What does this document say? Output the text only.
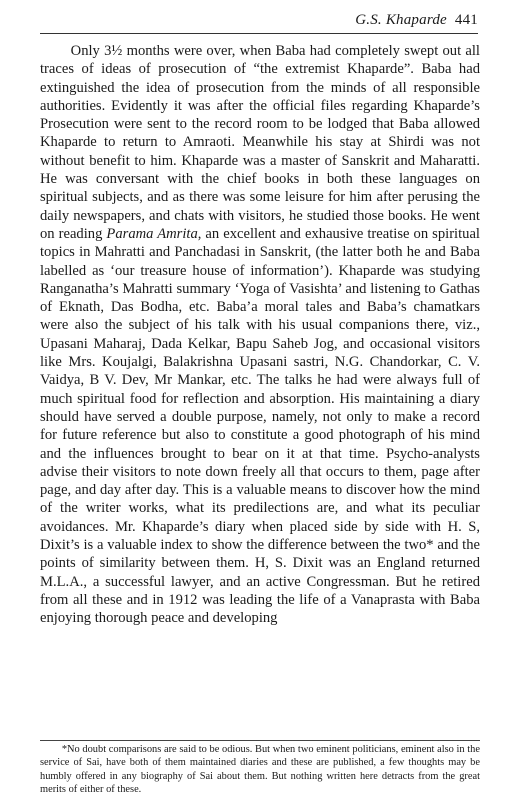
G.S. Khaparde 441

Only 3½ months were over, when Baba had completely swept out all traces of ideas of prosecution of “the extremist Khaparde”. Baba had extinguished the idea of prosecution from the minds of all responsible authorities. Evidently it was after the official files regarding Khaparde’s Prosecution were sent to the record room to be lodged that Baba allowed Khaparde to return to Amraoti. Meanwhile his stay at Shirdi was not without benefit to him. Khaparde was a master of Sanskrit and Maharatti. He was conversant with the chief books in both these languages on spiritual subjects, and as there was some leisure for him after perusing the daily newspapers, and chats with visitors, he studied those books. He went on reading Parama Amrita, an excellent and exhausive treatise on spiritual topics in Mahratti and Panchadasi in Sanskrit, (the latter both he and Baba labelled as ‘our treasure house of information’). Khaparde was studying Ranganatha’s Mahratti summary ‘Yoga of Vasishta’ and listening to Gathas of Eknath, Das Bodha, etc. Baba’a moral tales and Baba’s chamatkars were also the subject of his talk with his usual companions there, viz., Upasani Maharaj, Dada Kelkar, Bapu Saheb Jog, and occasional visitors like Mrs. Koujalgi, Balakrishna Upasani sastri, N.G. Chandorkar, C. V. Vaidya, B V. Dev, Mr Mankar, etc. The talks he had were always full of much spiritual food for reflection and absorption. His maintaining a diary should have served a double purpose, namely, not only to make a record for future reference but also to constitute a good photograph of his mind and the influences brought to bear on it at that time. Psycho-analysts advise their visitors to note down freely all that occurs to them, page after page, and day after day. This is a valuable means to discover how the mind of the writer works, what its predilections are, and what its peculiar avoidances. Mr. Khaparde’s diary when placed side by side with H. S, Dixit’s is a valuable index to show the difference between the two* and the points of similarity between them. H, S. Dixit was an England returned M.L.A., a successful lawyer, and an active Congressman. But he retired from all these and in 1912 was leading the life of a Vanaprasta with Baba enjoying thorough peace and developing

*No doubt comparisons are said to be odious. But when two eminent politicians, eminent also in the service of Sai, have both of them maintained diaries and these are published, a few thoughts may be humbly offered in any biography of Sai about them. But nothing written here detracts from the great merits of either of these.
